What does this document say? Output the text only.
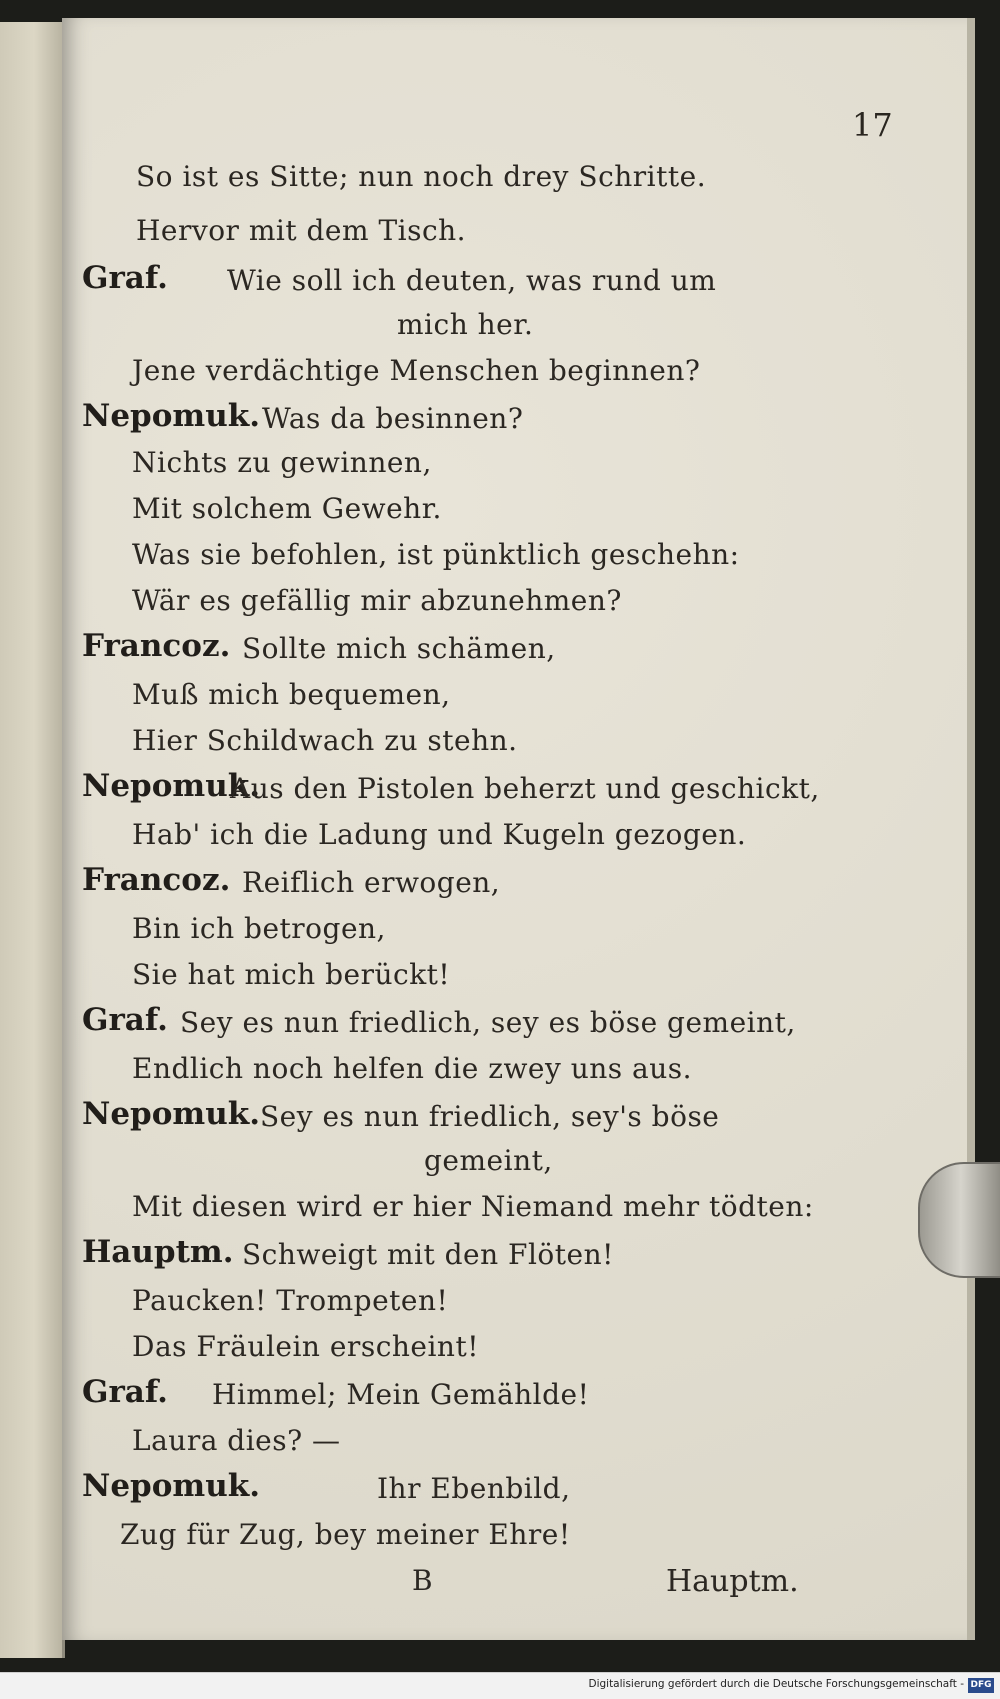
17

So ist es Sitte; nun noch drey Schritte.

Hervor mit dem Tisch.

Graf. Wie soll ich deuten, was rund um

mich her.

Jene verdächtige Menschen beginnen?

Nepomuk. Was da besinnen?

Nichts zu gewinnen,

Mit solchem Gewehr.

Was sie befohlen, ist pünktlich geschehn:

Wär es gefällig mir abzunehmen?

Francoz. Sollte mich schämen,

Muß mich bequemen,

Hier Schildwach zu stehn.

Nepomuk.

Aus den Pistolen beherzt und geschickt,

Hab' ich die Ladung und Kugeln gezogen.

Francoz. Reiflich erwogen,

Bin ich betrogen,

Sie hat mich berückt!

Graf. Sey es nun friedlich, sey es böse gemeint,

Endlich noch helfen die zwey uns aus.

Nepomuk. Sey es nun friedlich, sey's böse

gemeint,

Mit diesen wird er hier Niemand mehr tödten:

Hauptm. Schweigt mit den Flöten!

Paucken! Trompeten!

Das Fräulein erscheint!

Graf. Himmel; Mein Gemählde!

Laura dies? —

Nepomuk.	Ihr Ebenbild,

Zug für Zug, bey meiner Ehre!

B	Hauptm.

Digitalisierung gefördert durch die Deutsche Forschungsgemeinschaft - DFG
